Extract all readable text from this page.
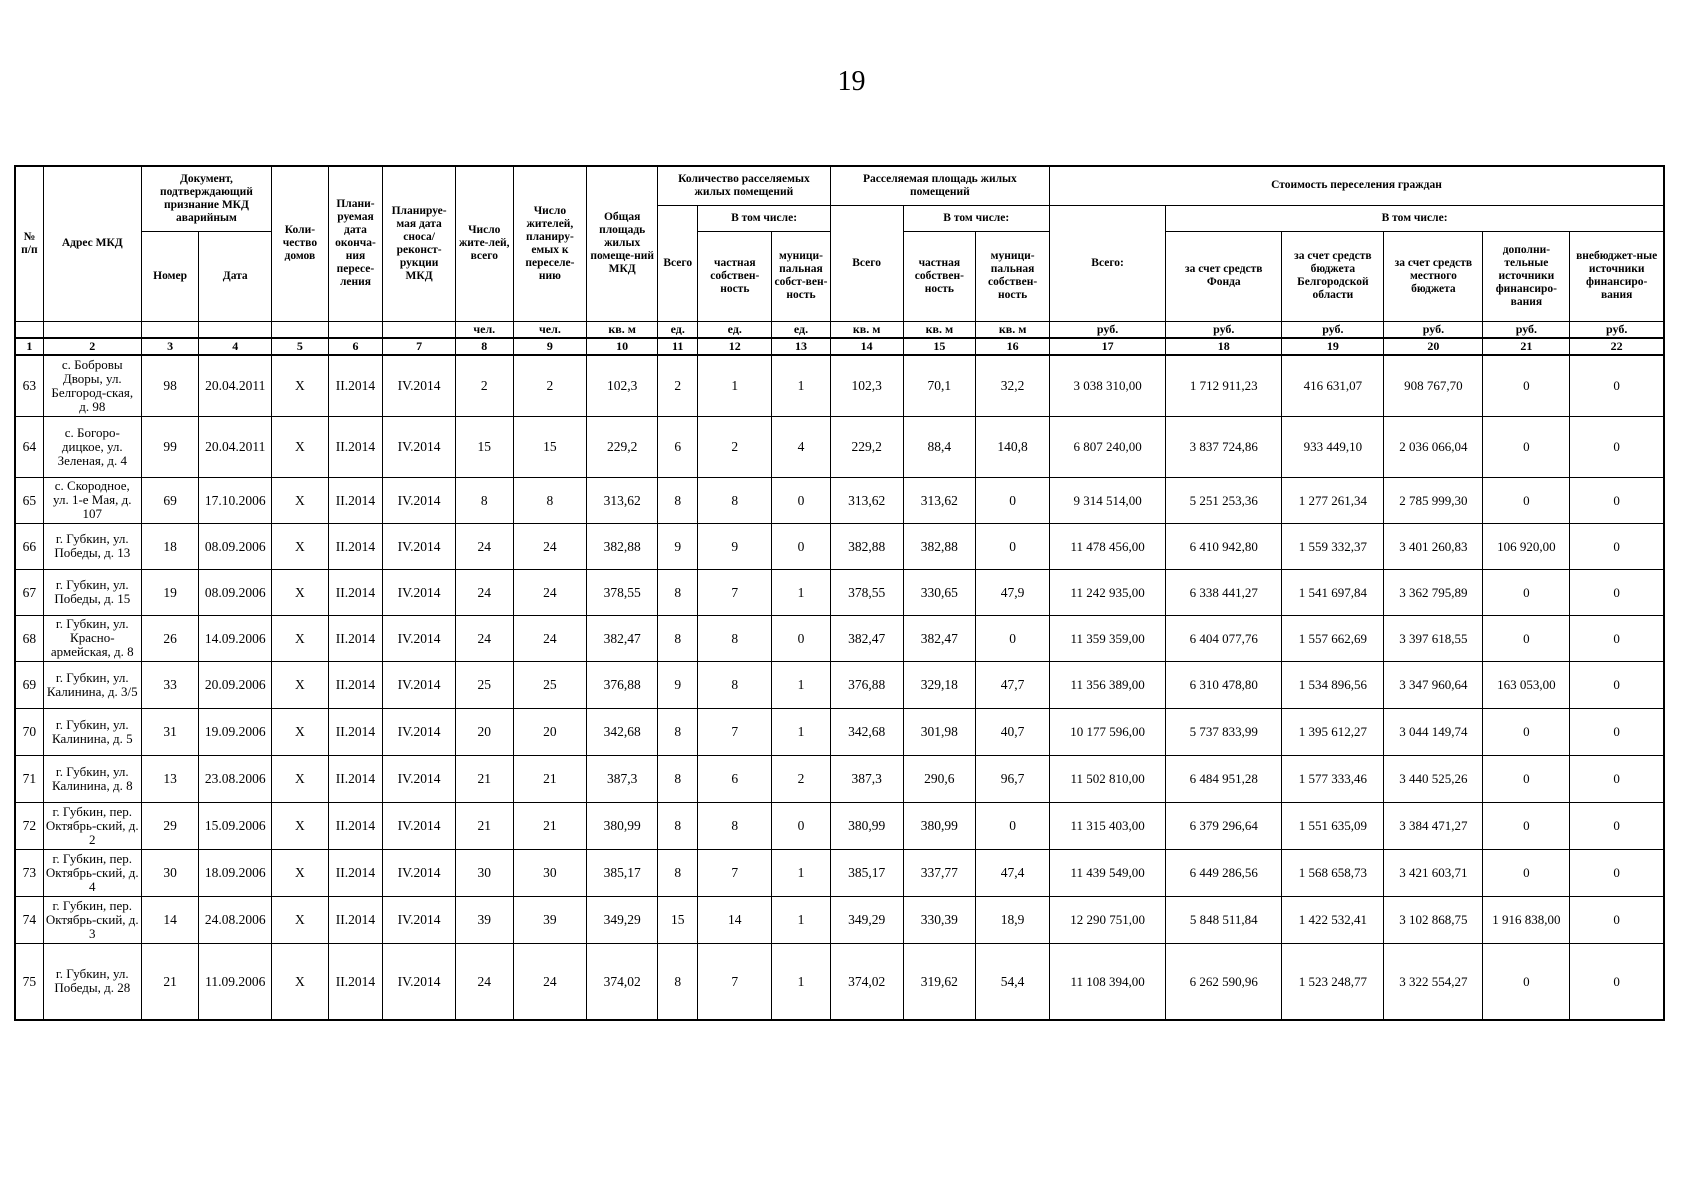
19
№ п/п	Адрес МКД	Документ, подтверждающий признание МКД аварийным		Коли-чество домов	Плани-руемая дата оконча-ния пересе-ления	Планируе-мая дата сноса/ реконст-рукции МКД	Число жите-лей, всего	Число жителей, планиру-емых к переселе-нию	Общая площадь жилых помеще-ний МКД	Количество расселяемых жилых помещений			Расселяемая площадь жилых помещений			Стоимость переселения граждан					
										Всего	В том числе:		Всего	В том числе:		Всего:	В том числе:				
		Номер	Дата								частная собствен-ность	муници-пальная собст-вен-ность		частная собствен-ность	муници-пальная собствен-ность		за счет средств Фонда	за счет средств бюджета Белгородской области	за счет средств местного бюджета	дополни-тельные источники финансиро-вания	внебюджет-ные источники финансиро-вания
							чел.	чел.	кв. м	ед.	ед.	ед.	кв. м	кв. м	кв. м	руб.	руб.	руб.	руб.	руб.	руб.
1	2	3	4	5	6	7	8	9	10	11	12	13	14	15	16	17	18	19	20	21	22
63	с. Бобровы Дворы, ул. Белгород-ская, д. 98	98	20.04.2011	X	II.2014	IV.2014	2	2	102,3	2	1	1	102,3	70,1	32,2	3 038 310,00	1 712 911,23	416 631,07	908 767,70	0	0
64	с. Богоро-дицкое, ул. Зеленая, д. 4	99	20.04.2011	X	II.2014	IV.2014	15	15	229,2	6	2	4	229,2	88,4	140,8	6 807 240,00	3 837 724,86	933 449,10	2 036 066,04	0	0
65	с. Скородное, ул. 1-е Мая, д. 107	69	17.10.2006	X	II.2014	IV.2014	8	8	313,62	8	8	0	313,62	313,62	0	9 314 514,00	5 251 253,36	1 277 261,34	2 785 999,30	0	0
66	г. Губкин, ул. Победы, д. 13	18	08.09.2006	X	II.2014	IV.2014	24	24	382,88	9	9	0	382,88	382,88	0	11 478 456,00	6 410 942,80	1 559 332,37	3 401 260,83	106 920,00	0
67	г. Губкин, ул. Победы, д. 15	19	08.09.2006	X	II.2014	IV.2014	24	24	378,55	8	7	1	378,55	330,65	47,9	11 242 935,00	6 338 441,27	1 541 697,84	3 362 795,89	0	0
68	г. Губкин, ул. Красно-армейская, д. 8	26	14.09.2006	X	II.2014	IV.2014	24	24	382,47	8	8	0	382,47	382,47	0	11 359 359,00	6 404 077,76	1 557 662,69	3 397 618,55	0	0
69	г. Губкин, ул. Калинина, д. 3/5	33	20.09.2006	X	II.2014	IV.2014	25	25	376,88	9	8	1	376,88	329,18	47,7	11 356 389,00	6 310 478,80	1 534 896,56	3 347 960,64	163 053,00	0
70	г. Губкин, ул. Калинина, д. 5	31	19.09.2006	X	II.2014	IV.2014	20	20	342,68	8	7	1	342,68	301,98	40,7	10 177 596,00	5 737 833,99	1 395 612,27	3 044 149,74	0	0
71	г. Губкин, ул. Калинина, д. 8	13	23.08.2006	X	II.2014	IV.2014	21	21	387,3	8	6	2	387,3	290,6	96,7	11 502 810,00	6 484 951,28	1 577 333,46	3 440 525,26	0	0
72	г. Губкин, пер. Октябрь-ский, д. 2	29	15.09.2006	X	II.2014	IV.2014	21	21	380,99	8	8	0	380,99	380,99	0	11 315 403,00	6 379 296,64	1 551 635,09	3 384 471,27	0	0
73	г. Губкин, пер. Октябрь-ский, д. 4	30	18.09.2006	X	II.2014	IV.2014	30	30	385,17	8	7	1	385,17	337,77	47,4	11 439 549,00	6 449 286,56	1 568 658,73	3 421 603,71	0	0
74	г. Губкин, пер. Октябрь-ский, д. 3	14	24.08.2006	X	II.2014	IV.2014	39	39	349,29	15	14	1	349,29	330,39	18,9	12 290 751,00	5 848 511,84	1 422 532,41	3 102 868,75	1 916 838,00	0
75	г. Губкин, ул. Победы, д. 28	21	11.09.2006	X	II.2014	IV.2014	24	24	374,02	8	7	1	374,02	319,62	54,4	11 108 394,00	6 262 590,96	1 523 248,77	3 322 554,27	0	0
